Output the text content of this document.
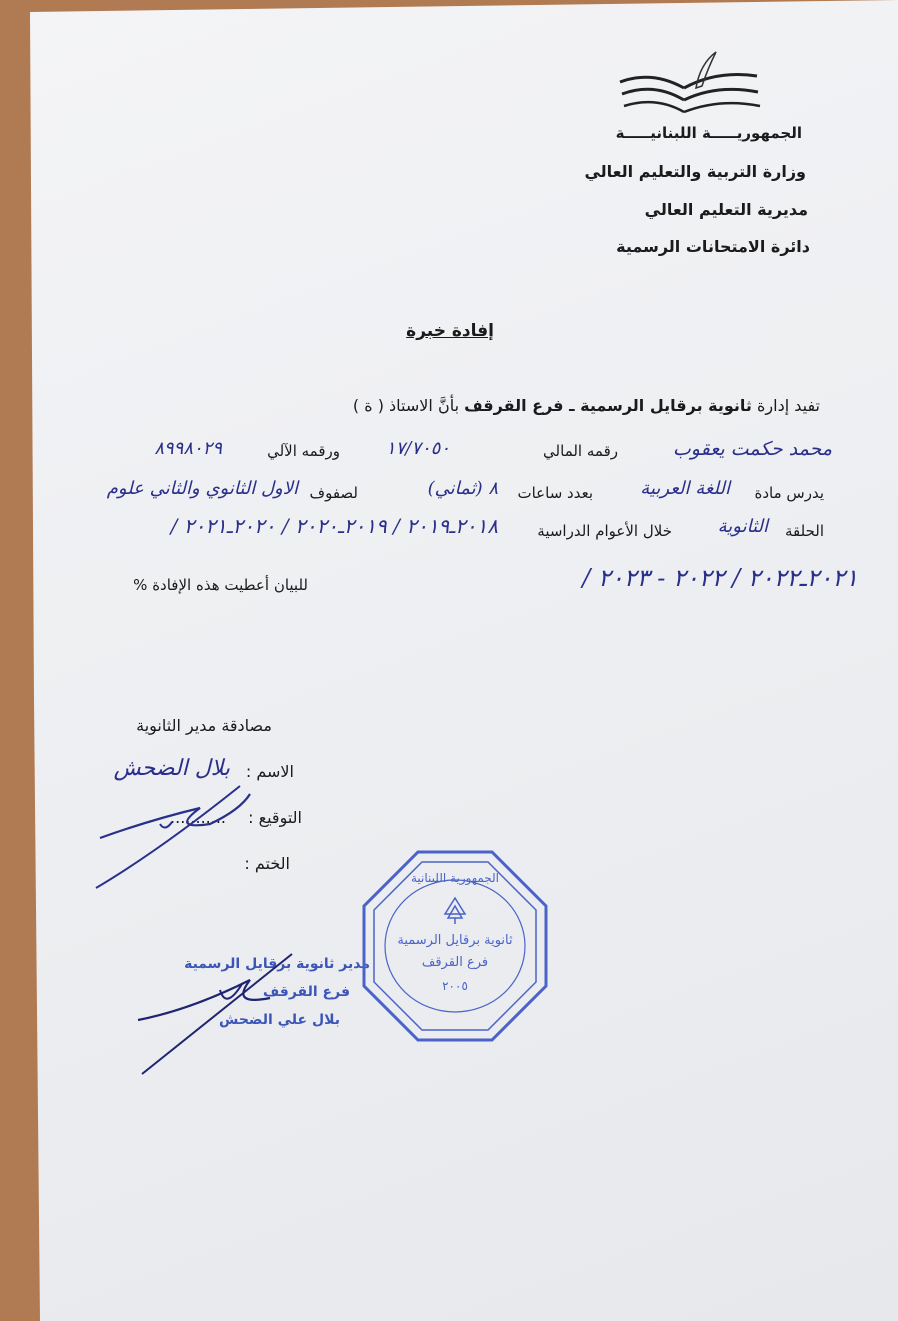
الجمهوريـــــة اللبنانيـــــة
وزارة التربية والتعليم العالي
مديرية التعليم العالي
دائرة الامتحانات الرسمية
إفادة خبرة
تفيد إدارة ثانوية برقايل الرسمية ـ فرع القرقف بأنَّ الاستاذ ( ة )
محمد حكمت يعقوب
رقمه المالي
١٧/٧٠٥٠
ورقمه الآلي
٨٩٩٨٠٢٩
يدرس مادة
اللغة العربية
بعدد ساعات
٨ (ثماني)
لصفوف
الاول الثانوي والثاني علوم
الحلقة
الثانوية
خلال الأعوام الدراسية
٢٠١٨ـ٢٠١٩ / ٢٠١٩ـ٢٠٢٠ / ٢٠٢٠ـ٢٠٢١ /
٢٠٢١ـ٢٠٢٢ / ٢٠٢٢ - ٢٠٢٣ /
للبيان أعطيت هذه الإفادة %
مصادقة مدير الثانوية
الاسم :
بلال الضحش
التوقيع :
...........
الختم :
مدير ثانوية برقايل الرسمية
فرع القرقف
بلال علي الضحش
الجمهورية اللبنانية
ثانوية برقايل الرسمية
فرع القرقف
٢٠٠٥
